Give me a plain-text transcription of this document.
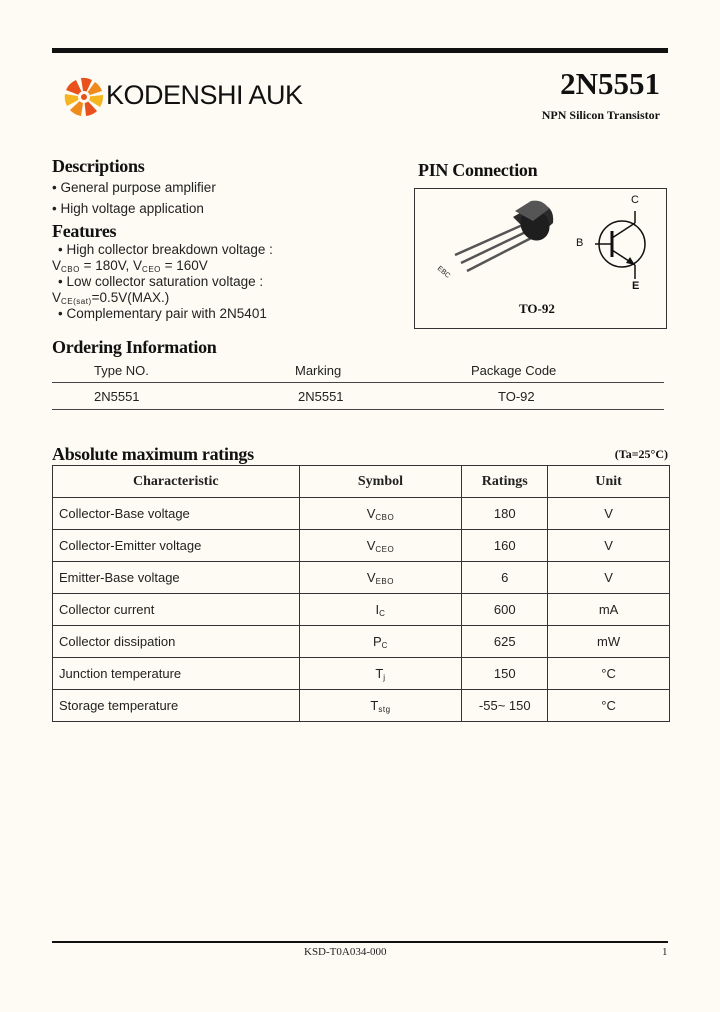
KODENSHI AUK	2N5551
NPN Silicon Transistor
Descriptions
• General purpose amplifier
• High voltage application
Features
• High collector breakdown voltage :
$V_{CBO} = 180V$, $V_{CEO} = 160V$
• Low collector saturation voltage :
$V_{CE(sat)}=0.5V(MAX.)$
• Complementary pair with 2N5401
PIN Connection
EBC
C
B
E
TO-92
Ordering Information
Type NO.	Marking	Package Code
2N5551	2N5551	TO-92
Absolute maximum ratings	(Ta=25°C)
Characteristic	Symbol	Ratings	Unit
Collector-Base voltage	$V_{CBO}$	180	V
Collector-Emitter voltage	$V_{CEO}$	160	V
Emitter-Base voltage	$V_{EBO}$	6	V
Collector current	$I_C$	600	mA
Collector dissipation	$P_C$	625	mW
Junction temperature	$T_j$	150	°C
Storage temperature	$T_{stg}$	-55~ 150	°C
KSD-T0A034-000	1
